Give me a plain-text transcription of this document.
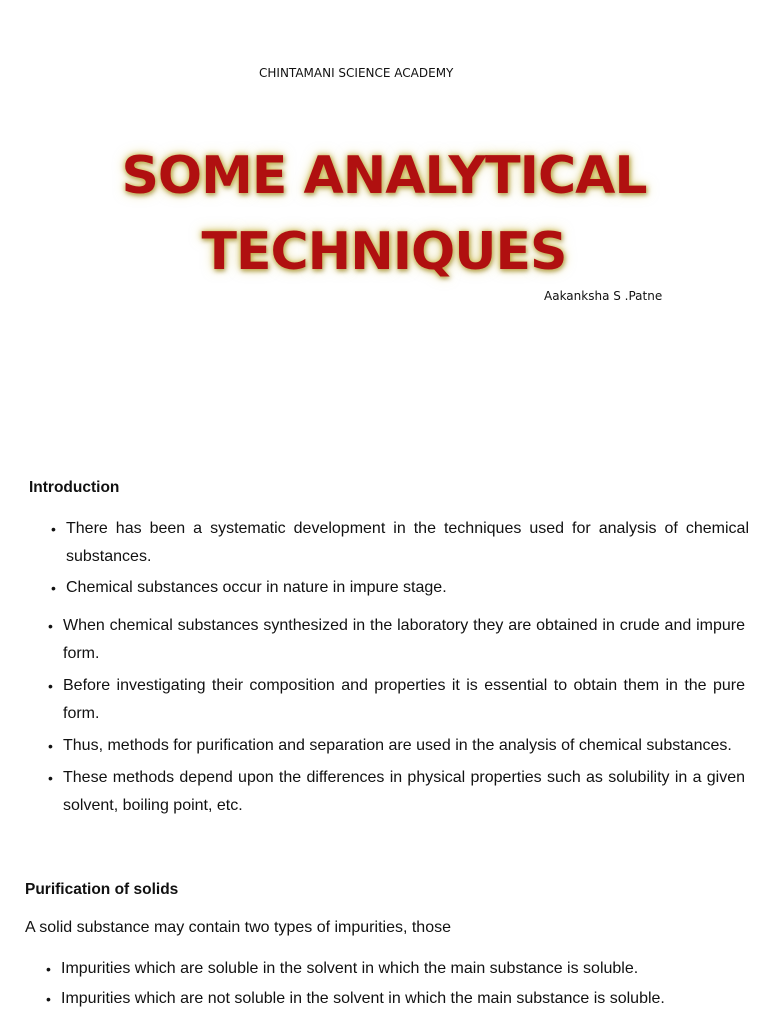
CHINTAMANI SCIENCE ACADEMY
SOME ANALYTICAL
TECHNIQUES
Aakanksha S .Patne
Introduction
• There has been a systematic development in the techniques used for analysis of chemical substances.
• Chemical substances occur in nature in impure stage.
• When chemical substances synthesized in the laboratory they are obtained in crude and impure form.
• Before investigating their composition and properties it is essential to obtain them in the pure form.
• Thus, methods for purification and separation are used in the analysis of chemical substances.
• These methods depend upon the differences in physical properties such as solubility in a given solvent, boiling point, etc.
Purification of solids
A solid substance may contain two types of impurities, those
• Impurities which are soluble in the solvent in which the main substance is soluble.
• Impurities which are not soluble in the solvent in which the main substance is soluble.
